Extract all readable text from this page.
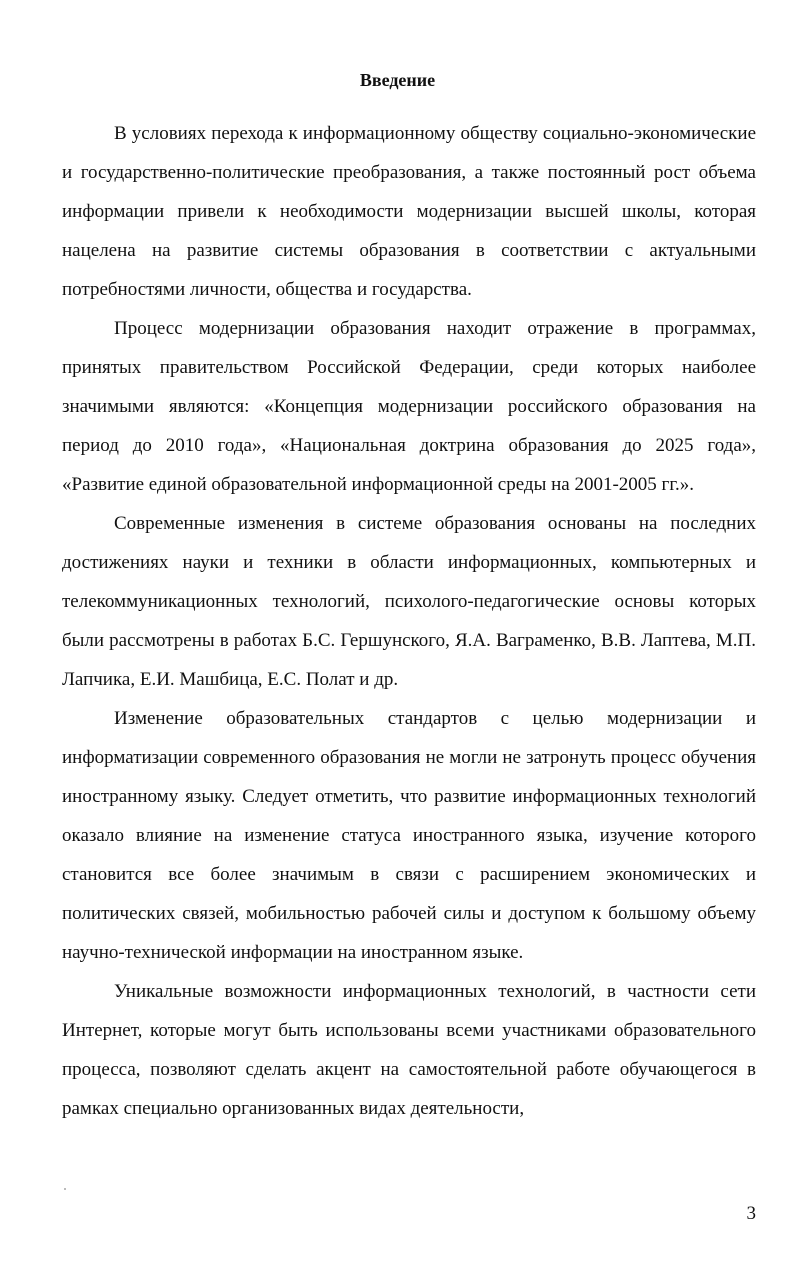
Введение

В условиях перехода к информационному обществу социально-экономические и государственно-политические преобразования, а также постоянный рост объема информации привели к необходимости модернизации высшей школы, которая нацелена на развитие системы образования в соответствии с актуальными потребностями личности, общества и государства.

Процесс модернизации образования находит отражение в программах, принятых правительством Российской Федерации, среди которых наиболее значимыми являются: «Концепция модернизации российского образования на период до 2010 года», «Национальная доктрина образования до 2025 года», «Развитие единой образовательной информационной среды на 2001-2005 гг.».

Современные изменения в системе образования основаны на последних достижениях науки и техники в области информационных, компьютерных и телекоммуникационных технологий, психолого-педагогические основы которых были рассмотрены в работах Б.С. Гершунского, Я.А. Ваграменко, В.В. Лаптева, М.П. Лапчика, Е.И. Машбица, Е.С. Полат и др.

Изменение образовательных стандартов с целью модернизации и информатизации современного образования не могли не затронуть процесс обучения иностранному языку. Следует отметить, что развитие информационных технологий оказало влияние на изменение статуса иностранного языка, изучение которого становится все более значимым в связи с расширением экономических и политических связей, мобильностью рабочей силы и доступом к большому объему научно-технической информации на иностранном языке.

Уникальные возможности информационных технологий, в частности сети Интернет, которые могут быть использованы всеми участниками образовательного процесса, позволяют сделать акцент на самостоятельной работе обучающегося в рамках специально организованных видах деятельности,

3
